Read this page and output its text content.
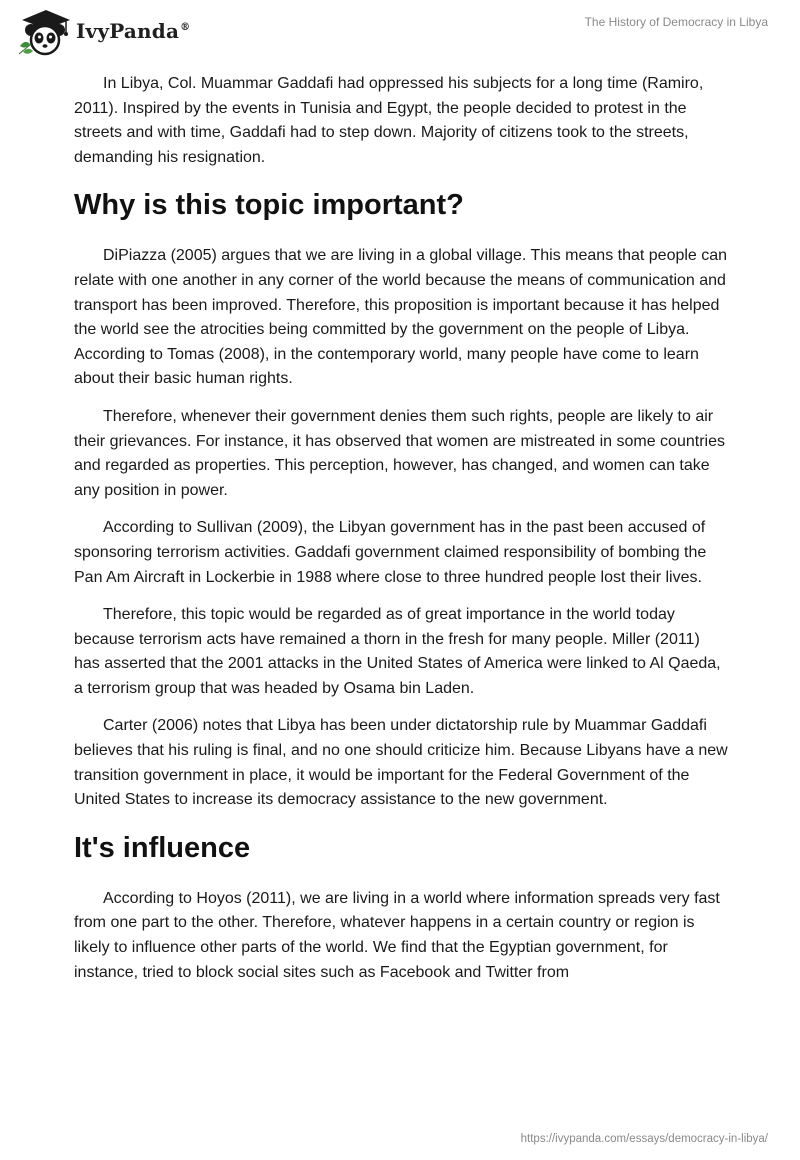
IvyPanda®	The History of Democracy in Libya

In Libya, Col. Muammar Gaddafi had oppressed his subjects for a long time (Ramiro, 2011). Inspired by the events in Tunisia and Egypt, the people decided to protest in the streets and with time, Gaddafi had to step down. Majority of citizens took to the streets, demanding his resignation.

Why is this topic important?

DiPiazza (2005) argues that we are living in a global village. This means that people can relate with one another in any corner of the world because the means of communication and transport has been improved. Therefore, this proposition is important because it has helped the world see the atrocities being committed by the government on the people of Libya. According to Tomas (2008), in the contemporary world, many people have come to learn about their basic human rights.

Therefore, whenever their government denies them such rights, people are likely to air their grievances. For instance, it has observed that women are mistreated in some countries and regarded as properties. This perception, however, has changed, and women can take any position in power.

According to Sullivan (2009), the Libyan government has in the past been accused of sponsoring terrorism activities. Gaddafi government claimed responsibility of bombing the Pan Am Aircraft in Lockerbie in 1988 where close to three hundred people lost their lives.

Therefore, this topic would be regarded as of great importance in the world today because terrorism acts have remained a thorn in the fresh for many people. Miller (2011) has asserted that the 2001 attacks in the United States of America were linked to Al Qaeda, a terrorism group that was headed by Osama bin Laden.

Carter (2006) notes that Libya has been under dictatorship rule by Muammar Gaddafi believes that his ruling is final, and no one should criticize him. Because Libyans have a new transition government in place, it would be important for the Federal Government of the United States to increase its democracy assistance to the new government.

It's influence

According to Hoyos (2011), we are living in a world where information spreads very fast from one part to the other. Therefore, whatever happens in a certain country or region is likely to influence other parts of the world. We find that the Egyptian government, for instance, tried to block social sites such as Facebook and Twitter from

https://ivypanda.com/essays/democracy-in-libya/
